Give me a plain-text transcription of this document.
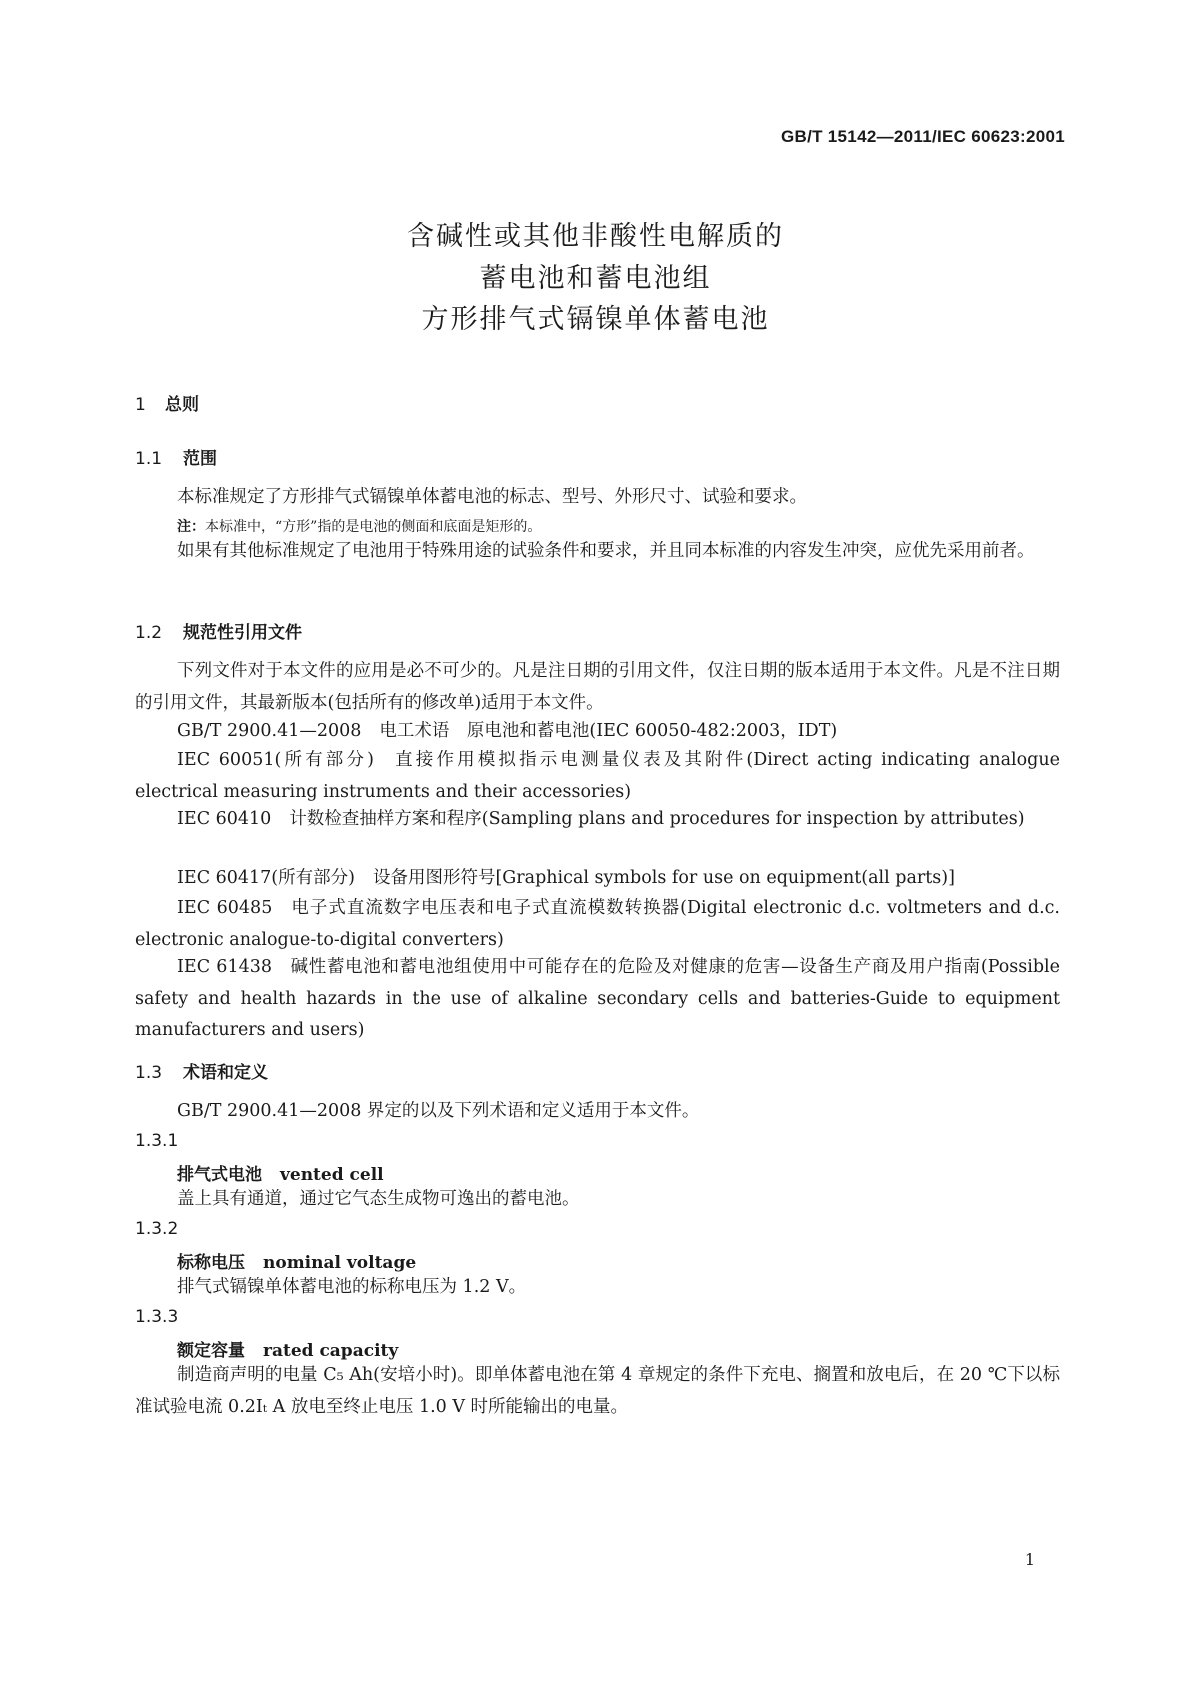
GB/T 15142—2011/IEC 60623:2001
含碱性或其他非酸性电解质的
蓄电池和蓄电池组
方形排气式镉镍单体蓄电池
1 总则
1.1 范围
本标准规定了方形排气式镉镍单体蓄电池的标志、型号、外形尺寸、试验和要求。
注：本标准中，“方形”指的是电池的侧面和底面是矩形的。
如果有其他标准规定了电池用于特殊用途的试验条件和要求，并且同本标准的内容发生冲突，应优先采用前者。
1.2 规范性引用文件
下列文件对于本文件的应用是必不可少的。凡是注日期的引用文件，仅注日期的版本适用于本文件。凡是不注日期的引用文件，其最新版本(包括所有的修改单)适用于本文件。
GB/T 2900.41—2008 电工术语　原电池和蓄电池(IEC 60050-482:2003，IDT)
IEC 60051(所有部分) 直接作用模拟指示电测量仪表及其附件(Direct acting indicating analogue electrical measuring instruments and their accessories)
IEC 60410 计数检查抽样方案和程序(Sampling plans and procedures for inspection by attributes)
IEC 60417(所有部分) 设备用图形符号[Graphical symbols for use on equipment(all parts)]
IEC 60485 电子式直流数字电压表和电子式直流模数转换器(Digital electronic d.c. voltmeters and d.c. electronic analogue-to-digital converters)
IEC 61438 碱性蓄电池和蓄电池组使用中可能存在的危险及对健康的危害—设备生产商及用户指南(Possible safety and health hazards in the use of alkaline secondary cells and batteries-Guide to equipment manufacturers and users)
1.3 术语和定义
GB/T 2900.41—2008 界定的以及下列术语和定义适用于本文件。
1.3.1
排气式电池 vented cell
盖上具有通道，通过它气态生成物可逸出的蓄电池。
1.3.2
标称电压 nominal voltage
排气式镉镍单体蓄电池的标称电压为 1.2 V。
1.3.3
额定容量 rated capacity
制造商声明的电量 C₅ Ah(安培小时)。即单体蓄电池在第 4 章规定的条件下充电、搁置和放电后，在 20 ℃下以标准试验电流 0.2Iₜ A 放电至终止电压 1.0 V 时所能输出的电量。
1
